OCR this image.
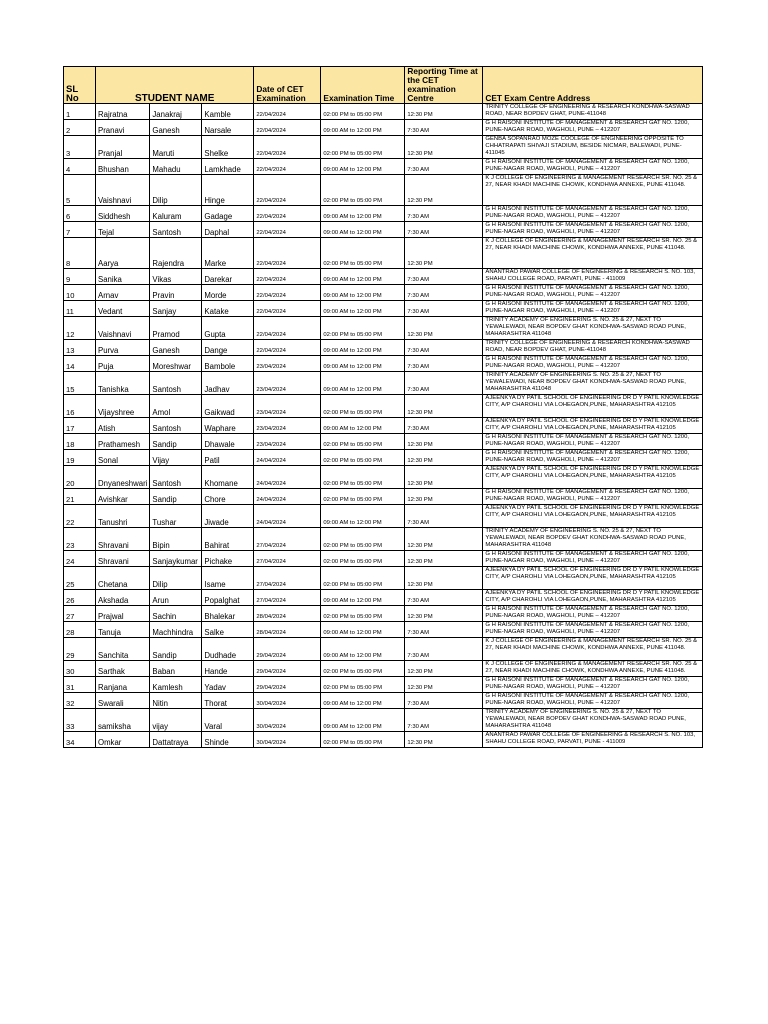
SL No	STUDENT NAME			Date of CET Examination	Examination Time	Reporting Time at the CET examination Centre	CET Exam Centre Address
1	Rajratna	Janakraj	Kamble	22/04/2024	02:00 PM to 05:00 PM	12:30 PM	TRINITY COLLEGE OF ENGINEERING & RESEARCH KONDHWA-SASWAD ROAD, NEAR BOPDEV GHAT, PUNE-411048
2	Pranavi	Ganesh	Narsale	22/04/2024	09:00 AM to 12:00 PM	7:30 AM	G H RAISONI INSTITUTE OF MANAGEMENT & RESEARCH GAT NO. 1200, PUNE-NAGAR ROAD, WAGHOLI, PUNE – 412207
3	Pranjal	Maruti	Shelke	22/04/2024	02:00 PM to 05:00 PM	12:30 PM	GENBA SOPANRAO MOZE COOLEGE OF ENGINEERING OPPOSITE TO CHHATRAPATI SHIVAJI STADIUM, BESIDE NICMAR, BALEWADI, PUNE- 411045
4	Bhushan	Mahadu	Lamkhade	22/04/2024	09:00 AM to 12:00 PM	7:30 AM	G H RAISONI INSTITUTE OF MANAGEMENT & RESEARCH GAT NO. 1200, PUNE-NAGAR ROAD, WAGHOLI, PUNE – 412207
5	Vaishnavi	Dilip	Hinge	22/04/2024	02:00 PM to 05:00 PM	12:30 PM	K J COLLEGE OF ENGINEERING & MANAGEMENT RESEARCH SR. NO. 25 & 27, NEAR KHADI MACHINE CHOWK, KONDHWA ANNEXE, PUNE 411048.
6	Siddhesh	Kaluram	Gadage	22/04/2024	09:00 AM to 12:00 PM	7:30 AM	G H RAISONI INSTITUTE OF MANAGEMENT & RESEARCH GAT NO. 1200, PUNE-NAGAR ROAD, WAGHOLI, PUNE – 412207
7	Tejal	Santosh	Daphal	22/04/2024	09:00 AM to 12:00 PM	7:30 AM	G H RAISONI INSTITUTE OF MANAGEMENT & RESEARCH GAT NO. 1200, PUNE-NAGAR ROAD, WAGHOLI, PUNE – 412207
8	Aarya	Rajendra	Marke	22/04/2024	02:00 PM to 05:00 PM	12:30 PM	K J COLLEGE OF ENGINEERING & MANAGEMENT RESEARCH SR. NO. 25 & 27, NEAR KHADI MACHINE CHOWK, KONDHWA ANNEXE, PUNE 411048.
9	Sanika	Vikas	Darekar	22/04/2024	09:00 AM to 12:00 PM	7:30 AM	ANANTRAO PAWAR COLLEGE OF ENGINEERING & RESEARCH S. NO. 103, SHAHU COLLEGE ROAD, PARVATI, PUNE - 411009
10	Arnav	Pravin	Morde	22/04/2024	09:00 AM to 12:00 PM	7:30 AM	G H RAISONI INSTITUTE OF MANAGEMENT & RESEARCH GAT NO. 1200, PUNE-NAGAR ROAD, WAGHOLI, PUNE – 412207
11	Vedant	Sanjay	Katake	22/04/2024	09:00 AM to 12:00 PM	7:30 AM	G H RAISONI INSTITUTE OF MANAGEMENT & RESEARCH GAT NO. 1200, PUNE-NAGAR ROAD, WAGHOLI, PUNE – 412207
12	Vaishnavi	Pramod	Gupta	22/04/2024	02:00 PM to 05:00 PM	12:30 PM	TRINITY ACADEMY OF ENGINEERING S. NO. 25 & 27, NEXT TO YEWALEWADI, NEAR BOPDEV GHAT KONDHWA-SASWAD ROAD PUNE, MAHARASHTRA 411048
13	Purva	Ganesh	Dange	22/04/2024	09:00 AM to 12:00 PM	7:30 AM	TRINITY COLLEGE OF ENGINEERING & RESEARCH KONDHWA-SASWAD ROAD, NEAR BOPDEV GHAT, PUNE-411048
14	Puja	Moreshwar	Bambole	23/04/2024	09:00 AM to 12:00 PM	7:30 AM	G H RAISONI INSTITUTE OF MANAGEMENT & RESEARCH GAT NO. 1200, PUNE-NAGAR ROAD, WAGHOLI, PUNE – 412207
15	Tanishka	Santosh	Jadhav	23/04/2024	09:00 AM to 12:00 PM	7:30 AM	TRINITY ACADEMY OF ENGINEERING S. NO. 25 & 27, NEXT TO YEWALEWADI, NEAR BOPDEV GHAT KONDHWA-SASWAD ROAD PUNE, MAHARASHTRA 411048
16	Vijayshree	Amol	Gaikwad	23/04/2024	02:00 PM to 05:00 PM	12:30 PM	AJEENKYA DY PATIL SCHOOL OF ENGINEERING DR D Y PATIL KNOWLEDGE CITY, A/P CHAROHLI VIA LOHEGAON,PUNE, MAHARASHTRA 412105
17	Atish	Santosh	Waphare	23/04/2024	09:00 AM to 12:00 PM	7:30 AM	AJEENKYA DY PATIL SCHOOL OF ENGINEERING DR D Y PATIL KNOWLEDGE CITY, A/P CHAROHLI VIA LOHEGAON,PUNE, MAHARASHTRA 412105
18	Prathamesh	Sandip	Dhawale	23/04/2024	02:00 PM to 05:00 PM	12:30 PM	G H RAISONI INSTITUTE OF MANAGEMENT & RESEARCH GAT NO. 1200, PUNE-NAGAR ROAD, WAGHOLI, PUNE – 412207
19	Sonal	Vijay	Patil	24/04/2024	02:00 PM to 05:00 PM	12:30 PM	G H RAISONI INSTITUTE OF MANAGEMENT & RESEARCH GAT NO. 1200, PUNE-NAGAR ROAD, WAGHOLI, PUNE – 412207
20	Dnyaneshwari	Santosh	Khomane	24/04/2024	02:00 PM to 05:00 PM	12:30 PM	AJEENKYA DY PATIL SCHOOL OF ENGINEERING DR D Y PATIL KNOWLEDGE CITY, A/P CHAROHLI VIA LOHEGAON,PUNE, MAHARASHTRA 412105
21	Avishkar	Sandip	Chore	24/04/2024	02:00 PM to 05:00 PM	12:30 PM	G H RAISONI INSTITUTE OF MANAGEMENT & RESEARCH GAT NO. 1200, PUNE-NAGAR ROAD, WAGHOLI, PUNE – 412207
22	Tanushri	Tushar	Jiwade	24/04/2024	09:00 AM to 12:00 PM	7:30 AM	AJEENKYA DY PATIL SCHOOL OF ENGINEERING DR D Y PATIL KNOWLEDGE CITY, A/P CHAROHLI VIA LOHEGAON,PUNE, MAHARASHTRA 412105
23	Shravani	Bipin	Bahirat	27/04/2024	02:00 PM to 05:00 PM	12:30 PM	TRINITY ACADEMY OF ENGINEERING S. NO. 25 & 27, NEXT TO YEWALEWADI, NEAR BOPDEV GHAT KONDHWA-SASWAD ROAD PUNE, MAHARASHTRA 411048
24	Shravani	Sanjaykumar	Pichake	27/04/2024	02:00 PM to 05:00 PM	12:30 PM	G H RAISONI INSTITUTE OF MANAGEMENT & RESEARCH GAT NO. 1200, PUNE-NAGAR ROAD, WAGHOLI, PUNE – 412207
25	Chetana	Dilip	Isame	27/04/2024	02:00 PM to 05:00 PM	12:30 PM	AJEENKYA DY PATIL SCHOOL OF ENGINEERING DR D Y PATIL KNOWLEDGE CITY, A/P CHAROHLI VIA LOHEGAON,PUNE, MAHARASHTRA 412105
26	Akshada	Arun	Popalghat	27/04/2024	09:00 AM to 12:00 PM	7:30 AM	AJEENKYA DY PATIL SCHOOL OF ENGINEERING DR D Y PATIL KNOWLEDGE CITY, A/P CHAROHLI VIA LOHEGAON,PUNE, MAHARASHTRA 412105
27	Prajwal	Sachin	Bhalekar	28/04/2024	02:00 PM to 05:00 PM	12:30 PM	G H RAISONI INSTITUTE OF MANAGEMENT & RESEARCH GAT NO. 1200, PUNE-NAGAR ROAD, WAGHOLI, PUNE – 412207
28	Tanuja	Machhindra	Salke	28/04/2024	09:00 AM to 12:00 PM	7:30 AM	G H RAISONI INSTITUTE OF MANAGEMENT & RESEARCH GAT NO. 1200, PUNE-NAGAR ROAD, WAGHOLI, PUNE – 412207
29	Sanchita	Sandip	Dudhade	29/04/2024	09:00 AM to 12:00 PM	7:30 AM	K J COLLEGE OF ENGINEERING & MANAGEMENT RESEARCH SR. NO. 25 & 27, NEAR KHADI MACHINE CHOWK, KONDHWA ANNEXE, PUNE 411048.
30	Sarthak	Baban	Hande	29/04/2024	02:00 PM to 05:00 PM	12:30 PM	K J COLLEGE OF ENGINEERING & MANAGEMENT RESEARCH SR. NO. 25 & 27, NEAR KHADI MACHINE CHOWK, KONDHWA ANNEXE, PUNE 411048.
31	Ranjana	Kamlesh	Yadav	29/04/2024	02:00 PM to 05:00 PM	12:30 PM	G H RAISONI INSTITUTE OF MANAGEMENT & RESEARCH GAT NO. 1200, PUNE-NAGAR ROAD, WAGHOLI, PUNE – 412207
32	Swarali	Nitin	Thorat	30/04/2024	09:00 AM to 12:00 PM	7:30 AM	G H RAISONI INSTITUTE OF MANAGEMENT & RESEARCH GAT NO. 1200, PUNE-NAGAR ROAD, WAGHOLI, PUNE – 412207
33	samiksha	vijay	Varal	30/04/2024	09:00 AM to 12:00 PM	7:30 AM	TRINITY ACADEMY OF ENGINEERING S. NO. 25 & 27, NEXT TO YEWALEWADI, NEAR BOPDEV GHAT KONDHWA-SASWAD ROAD PUNE, MAHARASHTRA 411048
34	Omkar	Dattatraya	Shinde	30/04/2024	02:00 PM to 05:00 PM	12:30 PM	ANANTRAO PAWAR COLLEGE OF ENGINEERING & RESEARCH S. NO. 103, SHAHU COLLEGE ROAD, PARVATI, PUNE - 411009
